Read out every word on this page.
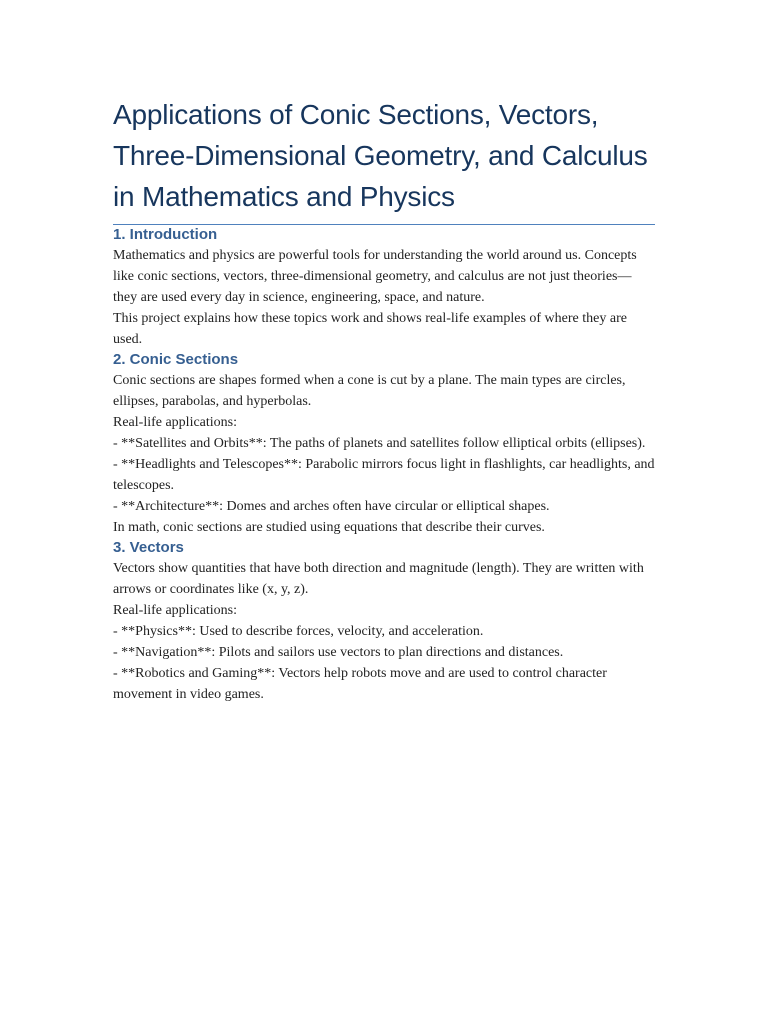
Applications of Conic Sections, Vectors, Three-Dimensional Geometry, and Calculus in Mathematics and Physics
1. Introduction

Mathematics and physics are powerful tools for understanding the world around us. Concepts like conic sections, vectors, three-dimensional geometry, and calculus are not just theories—they are used every day in science, engineering, space, and nature.

This project explains how these topics work and shows real-life examples of where they are used.

2. Conic Sections

Conic sections are shapes formed when a cone is cut by a plane. The main types are circles, ellipses, parabolas, and hyperbolas.

Real-life applications:
- **Satellites and Orbits**: The paths of planets and satellites follow elliptical orbits (ellipses).
- **Headlights and Telescopes**: Parabolic mirrors focus light in flashlights, car headlights, and telescopes.
- **Architecture**: Domes and arches often have circular or elliptical shapes.

In math, conic sections are studied using equations that describe their curves.

3. Vectors

Vectors show quantities that have both direction and magnitude (length). They are written with arrows or coordinates like (x, y, z).

Real-life applications:
- **Physics**: Used to describe forces, velocity, and acceleration.
- **Navigation**: Pilots and sailors use vectors to plan directions and distances.
- **Robotics and Gaming**: Vectors help robots move and are used to control character movement in video games.
